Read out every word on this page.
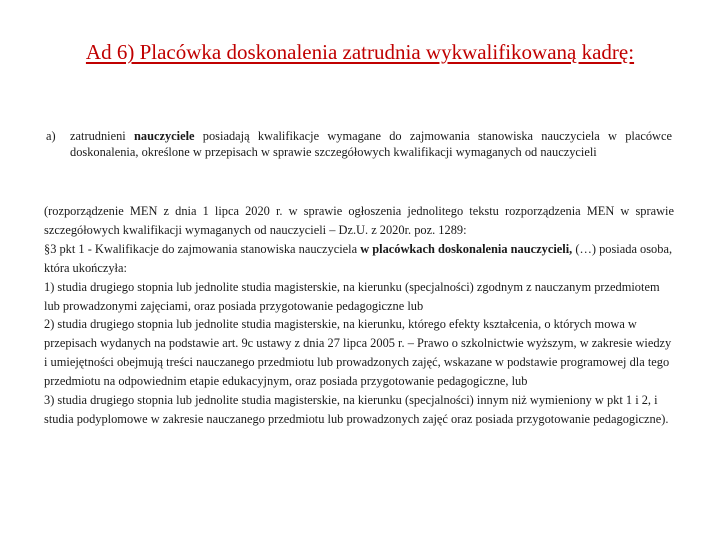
Ad 6) Placówka doskonalenia zatrudnia wykwalifikowaną kadrę:
a)	zatrudnieni nauczyciele posiadają kwalifikacje wymagane do zajmowania stanowiska nauczyciela w placówce doskonalenia, określone w przepisach w sprawie szczegółowych kwalifikacji wymaganych od nauczycieli

(rozporządzenie MEN z dnia 1 lipca 2020 r. w sprawie ogłoszenia jednolitego tekstu rozporządzenia MEN w sprawie szczegółowych kwalifikacji wymaganych od nauczycieli – Dz.U. z 2020r. poz. 1289:

§3 pkt 1 - Kwalifikacje do zajmowania stanowiska nauczyciela w placówkach doskonalenia nauczycieli, (…) posiada osoba, która ukończyła:

1) studia drugiego stopnia lub jednolite studia magisterskie, na kierunku (specjalności) zgodnym z nauczanym przedmiotem lub prowadzonymi zajęciami, oraz posiada przygotowanie pedagogiczne lub

2) studia drugiego stopnia lub jednolite studia magisterskie, na kierunku, którego efekty kształcenia, o których mowa w przepisach wydanych na podstawie art. 9c ustawy z dnia 27 lipca 2005 r. – Prawo o szkolnictwie wyższym, w zakresie wiedzy i umiejętności obejmują treści nauczanego przedmiotu lub prowadzonych zajęć, wskazane w podstawie programowej dla tego przedmiotu na odpowiednim etapie edukacyjnym, oraz posiada przygotowanie pedagogiczne, lub

3) studia drugiego stopnia lub jednolite studia magisterskie, na kierunku (specjalności) innym niż wymieniony w pkt 1 i 2, i studia podyplomowe w zakresie nauczanego przedmiotu lub prowadzonych zajęć oraz posiada przygotowanie pedagogiczne).
